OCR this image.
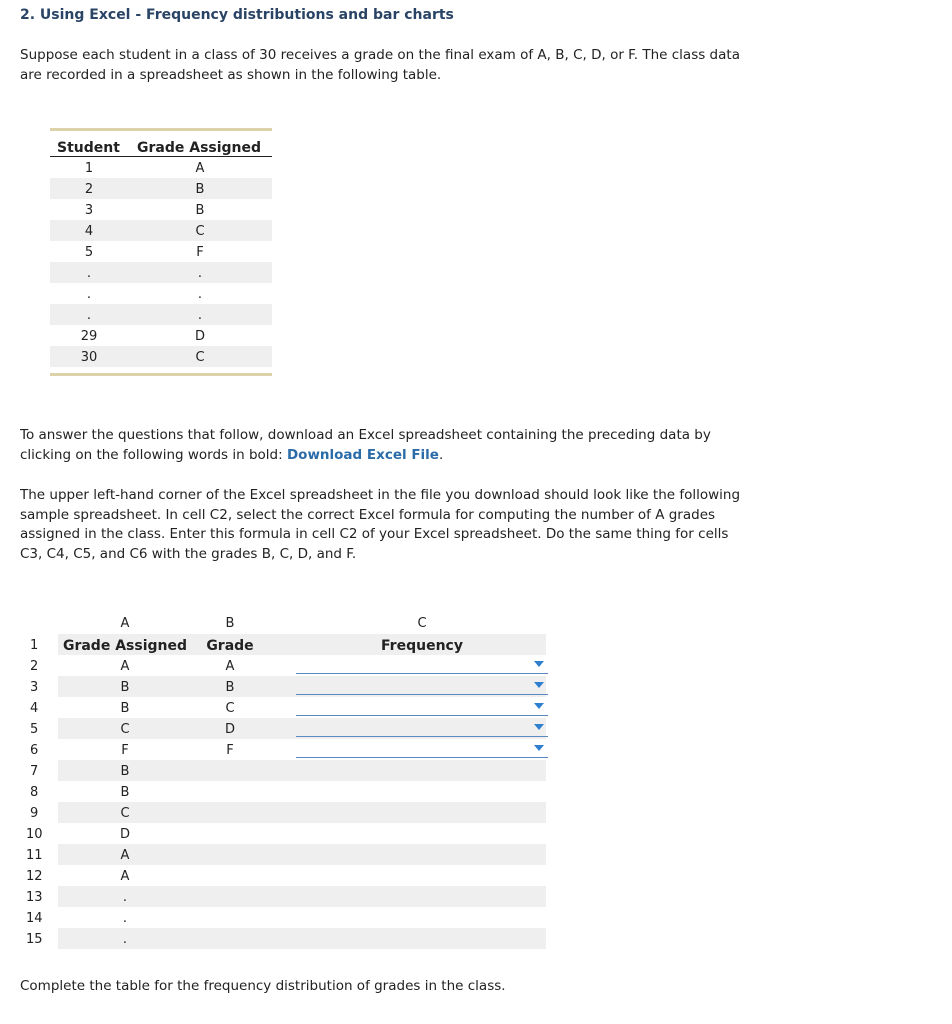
2. Using Excel - Frequency distributions and bar charts
Suppose each student in a class of 30 receives a grade on the final exam of A, B, C, D, or F. The class data are recorded in a spreadsheet as shown in the following table.
Student Grade Assigned
1	A
2	B
3	B
4	C
5	F
.	.
.	.
.	.
29	D
30	C
To answer the questions that follow, download an Excel spreadsheet containing the preceding data by clicking on the following words in bold: Download Excel File.
The upper left-hand corner of the Excel spreadsheet in the file you download should look like the following sample spreadsheet. In cell C2, select the correct Excel formula for computing the number of A grades assigned in the class. Enter this formula in cell C2 of your Excel spreadsheet. Do the same thing for cells C3, C4, C5, and C6 with the grades B, C, D, and F.
A	B	C
1	Grade Assigned	Grade	Frequency
2	A	A
3	B	B
4	B	C
5	C	D
6	F	F
7	B
8	B
9	C
10	D
11	A
12	A
13	.
14	.
15	.
Complete the table for the frequency distribution of grades in the class.
